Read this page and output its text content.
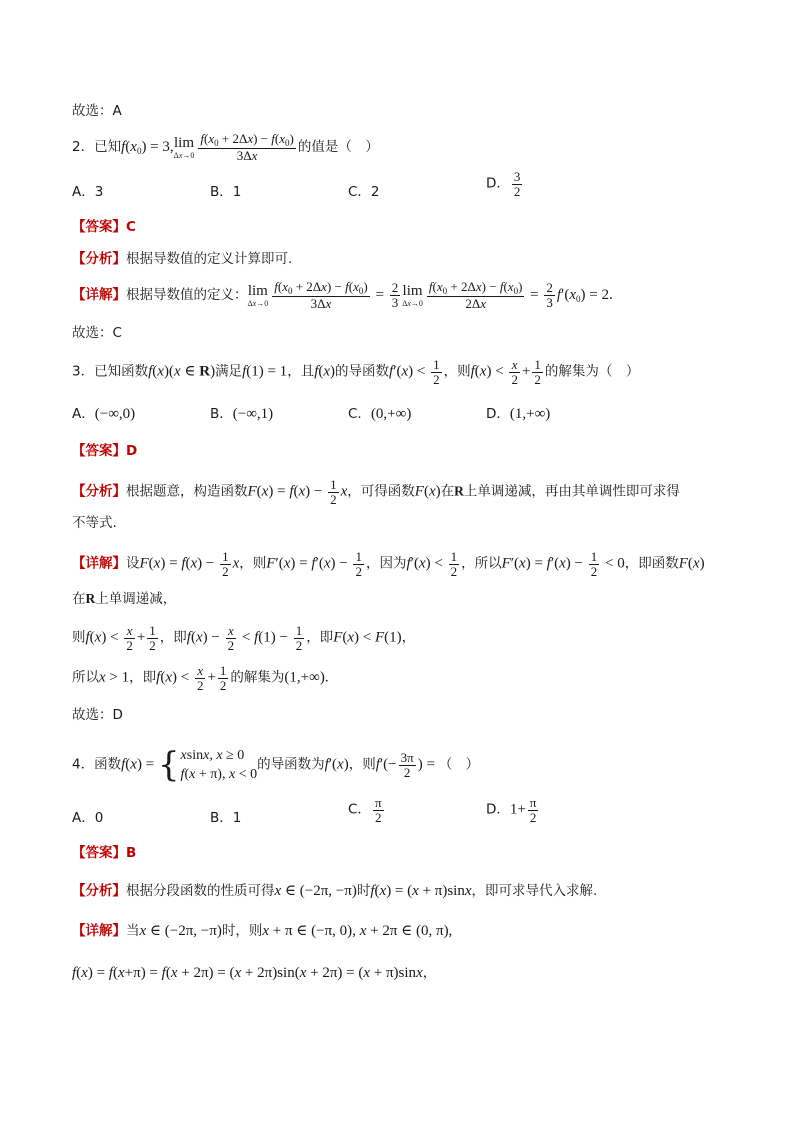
故选：A
2．已知$f(x_0) = 3$, lim
$\Delta x\to 0 \frac{f(x_0 + 2\Delta x) - f(x_0)}{3\Delta x}$ 的值是（　）
A．3	B．1	C．2
D． $\frac{3}{2}$
【答案】C
【分析】根据导数值的定义计算即可.
【详解】根据导数值的定义： lim
$\Delta x\to 0 \frac{f(x_0 + 2\Delta x) - f(x_0)}{3\Delta x} = \frac{2}{3}$ lim
$\Delta x\to 0 \frac{f(x_0 + 2\Delta x) - f(x_0)}{2\Delta x} = \frac{2}{3} f'(x_0) = 2$.
故选：C
3．已知函数f(x)(x ∈ R)满足f(1) = 1，且f(x)的导函数$f'(x) < \frac{1}{2}$ ，则$f(x) < \frac{x}{2} + \frac{1}{2}$ 的解集为（　）
A．(−∞,0)	B．(−∞,1)	C．(0,+∞)	D．(1,+∞)
【答案】D
【分析】根据题意，构造函数$F(x) = f(x) - \frac{1}{2}$ x，可得函数F(x)在R上单调递减，再由其单调性即可求得
不等式.
【详解】设$F(x) = f(x) - \frac{1}{2}$ x，则$F'(x) = f'(x) - \frac{1}{2}$ ，因为$f'(x) < \frac{1}{2}$ ，所以$F'(x) = f'(x) - \frac{1}{2} < 0$，即函数F(x)
在R上单调递减，
则$f(x) < \frac{x}{2} + \frac{1}{2}$ ，即$f(x) - \frac{x}{2} < f(1) - \frac{1}{2}$ ，即F(x) < F(1)，
所以x > 1，即$f(x) < \frac{x}{2} + \frac{1}{2}$ 的解集为(1,+∞).
故选：D
4．函数f(x) = { xsinx, x ≥ 0
f(x + π), x < 0
的导函数为f′(x)，则$f'(- \frac{3\pi}{2}$ ) = （　）
A．0	B．1
C． $\frac{\pi}{2}$	D．$1+ \frac{\pi}{2}$
【答案】B
【分析】根据分段函数的性质可得x ∈ (−2π, −π)时f(x) = (x + π)sinx，即可求导代入求解.
【详解】当x ∈ (−2π, −π)时，则x + π ∈ (−π, 0), x + 2π ∈ (0, π),
f(x) = f(x+π) = f(x + 2π) = (x + 2π)sin(x + 2π) = (x + π)sinx，
